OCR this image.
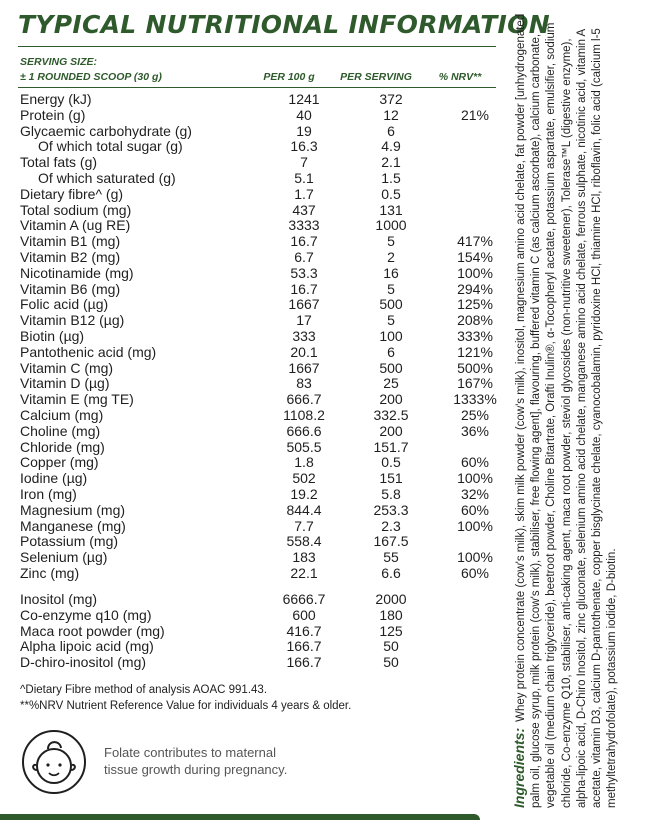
TYPICAL NUTRITIONAL INFORMATION
SERVING SIZE:
± 1 ROUNDED SCOOP (30 g)	PER 100 g	PER SERVING	% NRV**
Energy (kJ)	1241	372
Protein (g)	40	12	21%
Glycaemic carbohydrate (g)	19	6
Of which total sugar (g)	16.3	4.9
Total fats (g)	7	2.1
Of which saturated (g)	5.1	1.5
Dietary fibre^ (g)	1.7	0.5
Total sodium (mg)	437	131
Vitamin A (ug RE)	3333	1000
Vitamin B1 (mg)	16.7	5	417%
Vitamin B2 (mg)	6.7	2	154%
Nicotinamide (mg)	53.3	16	100%
Vitamin B6 (mg)	16.7	5	294%
Folic acid (µg)	1667	500	125%
Vitamin B12 (µg)	17	5	208%
Biotin (µg)	333	100	333%
Pantothenic acid (mg)	20.1	6	121%
Vitamin C (mg)	1667	500	500%
Vitamin D (µg)	83	25	167%
Vitamin E (mg TE)	666.7	200	1333%
Calcium (mg)	1108.2	332.5	25%
Choline (mg)	666.6	200	36%
Chloride (mg)	505.5	151.7
Copper (mg)	1.8	0.5	60%
Iodine (µg)	502	151	100%
Iron (mg)	19.2	5.8	32%
Magnesium (mg)	844.4	253.3	60%
Manganese (mg)	7.7	2.3	100%
Potassium (mg)	558.4	167.5
Selenium (µg)	183	55	100%
Zinc (mg)	22.1	6.6	60%
Inositol (mg)	6666.7	2000
Co-enzyme q10 (mg)	600	180
Maca root powder (mg)	416.7	125
Alpha lipoic acid (mg)	166.7	50
D-chiro-inositol (mg)	166.7	50
^Dietary Fibre method of analysis AOAC 991.43.
**%NRV Nutrient Reference Value for individuals 4 years & older.
Folate contributes to maternal
tissue growth during pregnancy.	Ingredients:Whey protein concentrate (cow's milk), skim milk powder (cow's milk), inositol, magnesium amino acid chelate, fat powder [unhydrogenated palm oil, glucose syrup, milk protein (cow's milk), stabiliser, free flowing agent], flavouring, buffered vitamin C (as calcium ascorbate), calcium carbonate, vegetable oil (medium chain triglyceride), beetroot powder, Choline Bitartrate, Orafti Inulin®, α-Tocopheryl acetate, potassium aspartate, emulsifier, sodium chloride, Co-enzyme Q10, stabiliser, anti-caking agent, maca root powder, steviol glycosides (non-nutritive sweetener), Tolerase™L (digestive enzyme), alpha-lipoic acid, D-Chiro Inositol, zinc gluconate, selenium amino acid chelate, manganese amino acid chelate, ferrous sulphate, nicotinic acid, vitamin A acetate, vitamin D3, calcium D-pantothenate, copper bisglycinate chelate, cyanocobalamin, pyridoxine HCl, thiamine HCl, riboflavin, folic acid (calcium l-5 methyltetrahydrofolate), potassium iodide, D-biotin.
